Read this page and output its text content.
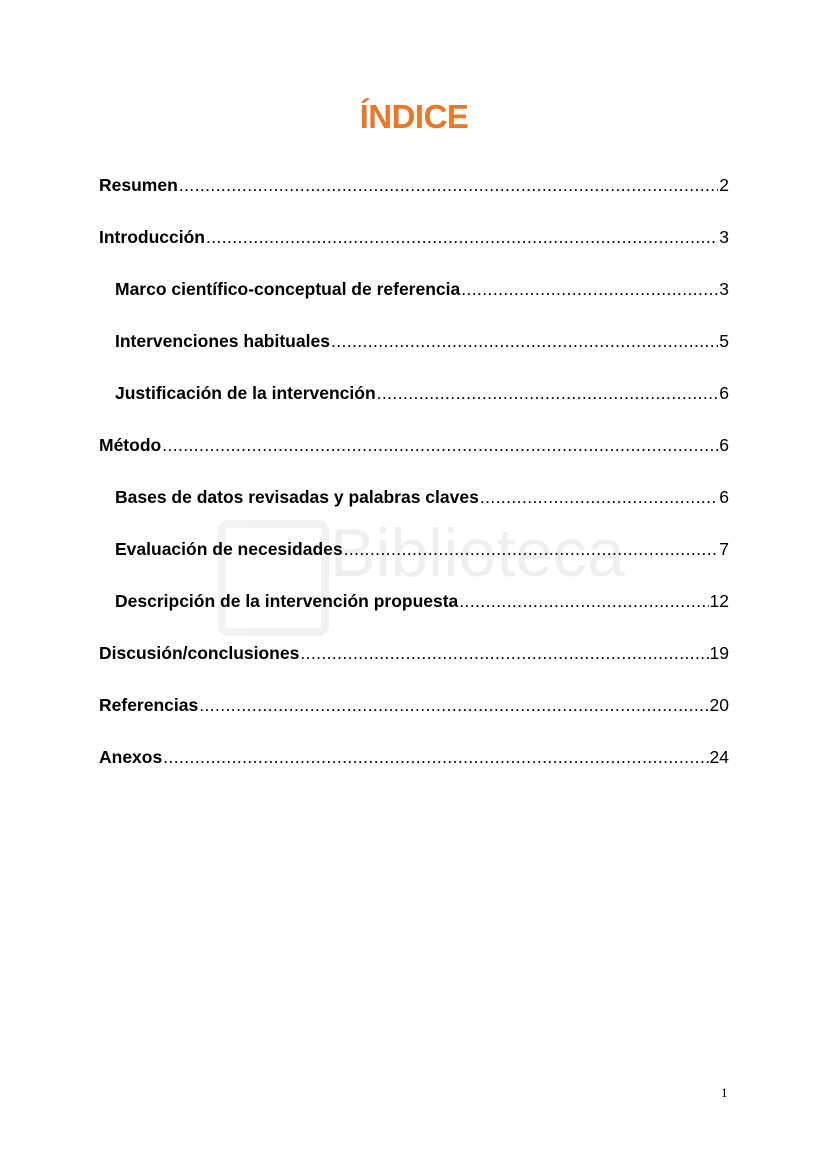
Biblioteca
ÍNDICE
Resumen .....	2
Introducción .....	3
Marco científico-conceptual de referencia .....	3
Intervenciones habituales .....	5
Justificación de la intervención .....	6
Método .....	6
Bases de datos revisadas y palabras claves .....	6
Evaluación de necesidades .....	7
Descripción de la intervención propuesta .....	12
Discusión/conclusiones .....	19
Referencias .....	20
Anexos .....	24
1
